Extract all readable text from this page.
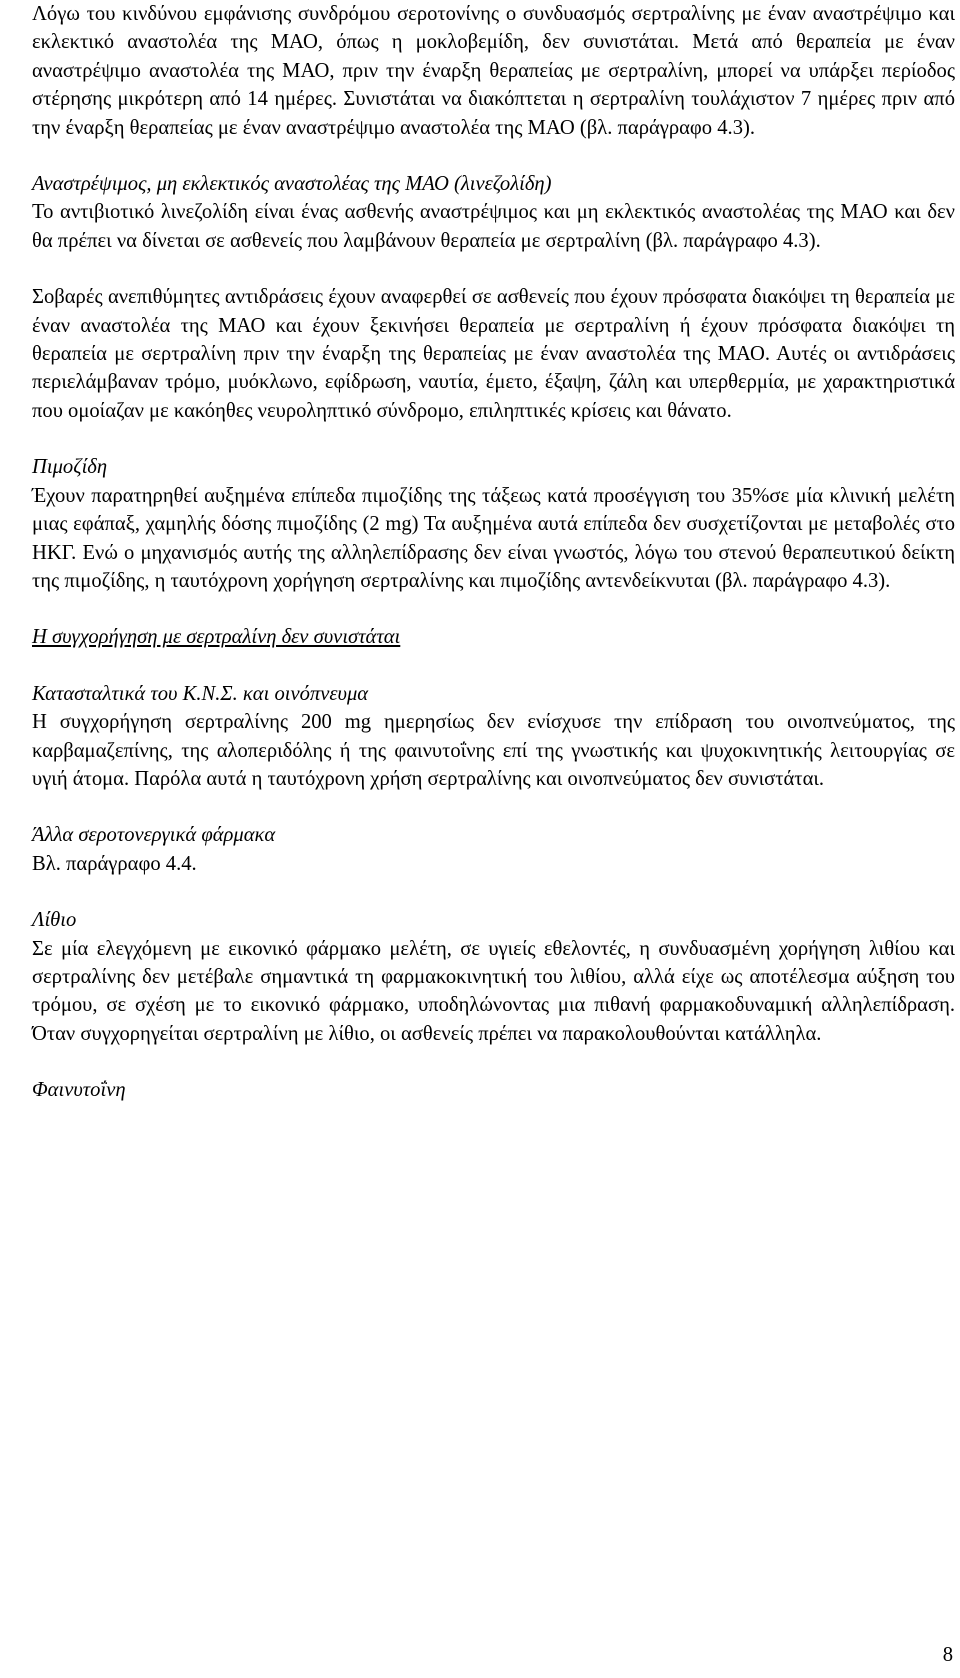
Λόγω του κινδύνου εμφάνισης συνδρόμου σεροτονίνης ο συνδυασμός σερτραλίνης με έναν αναστρέψιμο και εκλεκτικό αναστολέα της ΜΑΟ, όπως η μοκλοβεμίδη, δεν συνιστάται. Μετά από θεραπεία με έναν αναστρέψιμο αναστολέα της ΜΑΟ, πριν την έναρξη θεραπείας με σερτραλίνη, μπορεί να υπάρξει περίοδος στέρησης μικρότερη από 14 ημέρες. Συνιστάται να διακόπτεται η σερτραλίνη τουλάχιστον 7 ημέρες πριν από την έναρξη θεραπείας με έναν αναστρέψιμο αναστολέα της ΜΑΟ (βλ. παράγραφο 4.3).

Αναστρέψιμος, μη εκλεκτικός αναστολέας της ΜΑΟ (λινεζολίδη)

Το αντιβιοτικό λινεζολίδη είναι ένας ασθενής αναστρέψιμος και μη εκλεκτικός αναστολέας της ΜΑΟ και δεν θα πρέπει να δίνεται σε ασθενείς που λαμβάνουν θεραπεία με σερτραλίνη (βλ. παράγραφο 4.3).

Σοβαρές ανεπιθύμητες αντιδράσεις έχουν αναφερθεί σε ασθενείς που έχουν πρόσφατα διακόψει τη θεραπεία με έναν αναστολέα της ΜΑΟ και έχουν ξεκινήσει θεραπεία με σερτραλίνη ή έχουν πρόσφατα διακόψει τη θεραπεία με σερτραλίνη πριν την έναρξη της θεραπείας με έναν αναστολέα της ΜΑΟ. Αυτές οι αντιδράσεις περιελάμβαναν τρόμο, μυόκλωνο, εφίδρωση, ναυτία, έμετο, έξαψη, ζάλη και υπερθερμία, με χαρακτηριστικά που ομοίαζαν με κακόηθες νευροληπτικό σύνδρομο, επιληπτικές κρίσεις και θάνατο.

Πιμοζίδη

Έχουν παρατηρηθεί αυξημένα επίπεδα πιμοζίδης της τάξεως κατά προσέγγιση του 35%σε μία κλινική μελέτη μιας εφάπαξ, χαμηλής δόσης πιμοζίδης (2 mg) Τα αυξημένα αυτά επίπεδα δεν συσχετίζονται με μεταβολές στο ΗΚΓ. Ενώ ο μηχανισμός αυτής της αλληλεπίδρασης δεν είναι γνωστός, λόγω του στενού θεραπευτικού δείκτη της πιμοζίδης, η ταυτόχρονη χορήγηση σερτραλίνης και πιμοζίδης αντενδείκνυται (βλ. παράγραφο 4.3).

Η συγχορήγηση με σερτραλίνη δεν συνιστάται

Κατασταλτικά του Κ.Ν.Σ. και οινόπνευμα

Η συγχορήγηση σερτραλίνης 200 mg ημερησίως δεν ενίσχυσε την επίδραση του οινοπνεύματος, της καρβαμαζεπίνης, της αλοπεριδόλης ή της φαινυτοΐνης επί της γνωστικής και ψυχοκινητικής λειτουργίας σε υγιή άτομα. Παρόλα αυτά η ταυτόχρονη χρήση σερτραλίνης και οινοπνεύματος δεν συνιστάται.

Άλλα σεροτονεργικά φάρμακα

Βλ. παράγραφο 4.4.

Λίθιο

Σε μία ελεγχόμενη με εικονικό φάρμακο μελέτη, σε υγιείς εθελοντές, η συνδυασμένη χορήγηση λιθίου και σερτραλίνης δεν μετέβαλε σημαντικά τη φαρμακοκινητική του λιθίου, αλλά είχε ως αποτέλεσμα αύξηση του τρόμου, σε σχέση με το εικονικό φάρμακο, υποδηλώνοντας μια πιθανή φαρμακοδυναμική αλληλεπίδραση. Όταν συγχορηγείται σερτραλίνη με λίθιο, οι ασθενείς πρέπει να παρακολουθούνται κατάλληλα.

Φαινυτοΐνη

8
